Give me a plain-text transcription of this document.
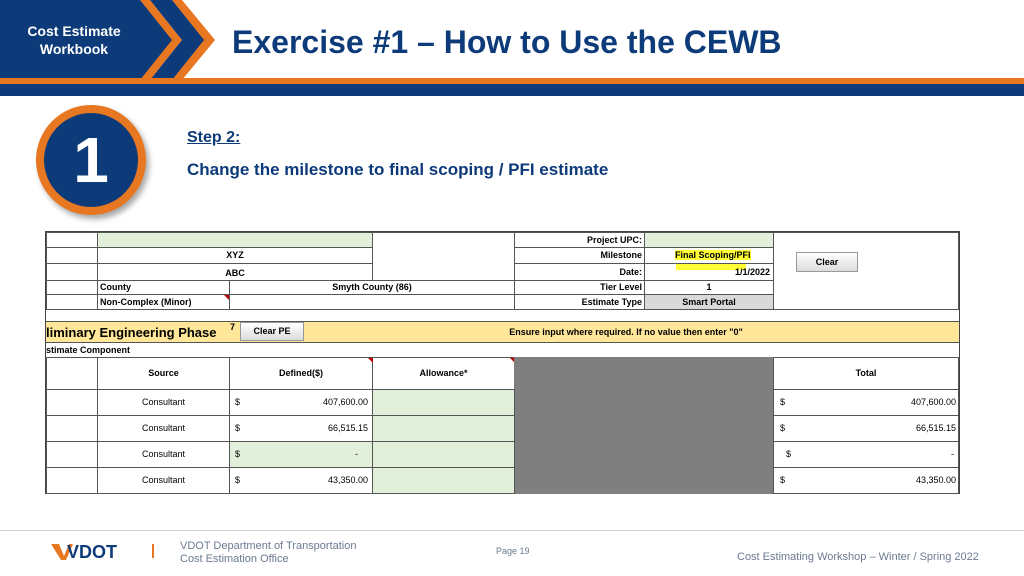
Cost Estimate
Workbook	Exercise #1 – How to Use the CEWB
1	Step 2:
Change the milestone to final scoping / PFI estimate
XYZ
ABC
County	Smyth County (86)
Non-Complex (Minor)
Project UPC:
Milestone	Final Scoping/PFI
Date:	1/1/2022
Tier Level	1
Estimate Type	Smart Portal
Clear
liminary Engineering Phase	7	Clear PE	Ensure input where required. If no value then enter "0"
stimate Component
Source	Defined($)	Allowance*	Total
Consultant	$	407,600.00	$	407,600.00
Consultant	$	66,515.15	$	66,515.15
Consultant	$	-	$	-
Consultant	$	43,350.00	$	43,350.00
VDOT	VDOT Department of Transportation
Cost Estimation Office
Page 19	Cost Estimating Workshop – Winter / Spring 2022
